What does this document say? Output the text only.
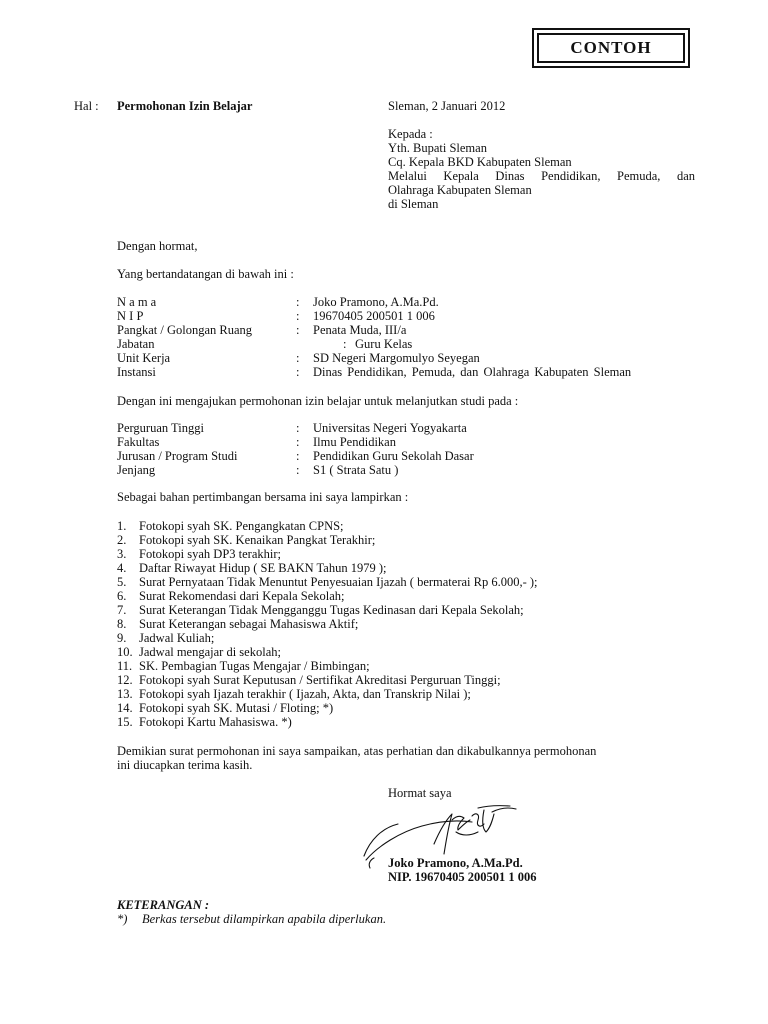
CONTOH
Hal : Permohonan Izin Belajar	Sleman, 2 Januari 2012
Kepada :
Yth. Bupati Sleman
Cq. Kepala BKD Kabupaten Sleman
Melalui Kepala Dinas Pendidikan, Pemuda, dan
Olahraga Kabupaten Sleman
di Sleman
Dengan hormat,
Yang bertandatangan di bawah ini :
N a m a	: Joko Pramono, A.Ma.Pd.
N I P	: 19670405 200501 1 006
Pangkat / Golongan Ruang	: Penata Muda, III/a
Jabatan	: Guru Kelas
Unit Kerja	: SD Negeri Margomulyo Seyegan
Instansi	: Dinas Pendidikan, Pemuda, dan Olahraga Kabupaten Sleman
Dengan ini mengajukan permohonan izin belajar untuk melanjutkan studi pada :
Perguruan Tinggi	: Universitas Negeri Yogyakarta
Fakultas	: Ilmu Pendidikan
Jurusan / Program Studi	: Pendidikan Guru Sekolah Dasar
Jenjang	: S1 ( Strata Satu )
Sebagai bahan pertimbangan bersama ini saya lampirkan :
1. Fotokopi syah SK. Pengangkatan CPNS;
2. Fotokopi syah SK. Kenaikan Pangkat Terakhir;
3. Fotokopi syah DP3 terakhir;
4. Daftar Riwayat Hidup ( SE BAKN Tahun 1979 );
5. Surat Pernyataan Tidak Menuntut Penyesuaian Ijazah ( bermaterai Rp 6.000,- );
6. Surat Rekomendasi dari Kepala Sekolah;
7. Surat Keterangan Tidak Mengganggu Tugas Kedinasan dari Kepala Sekolah;
8. Surat Keterangan sebagai Mahasiswa Aktif;
9. Jadwal Kuliah;
10. Jadwal mengajar di sekolah;
11. SK. Pembagian Tugas Mengajar / Bimbingan;
12. Fotokopi syah Surat Keputusan / Sertifikat Akreditasi Perguruan Tinggi;
13. Fotokopi syah Ijazah terakhir ( Ijazah, Akta, dan Transkrip Nilai );
14. Fotokopi syah SK. Mutasi / Floting; *)
15. Fotokopi Kartu Mahasiswa. *)
Demikian surat permohonan ini saya sampaikan, atas perhatian dan dikabulkannya permohonan
ini diucapkan terima kasih.
Hormat saya
Joko Pramono, A.Ma.Pd.
NIP. 19670405 200501 1 006
KETERANGAN :
*) Berkas tersebut dilampirkan apabila diperlukan.
